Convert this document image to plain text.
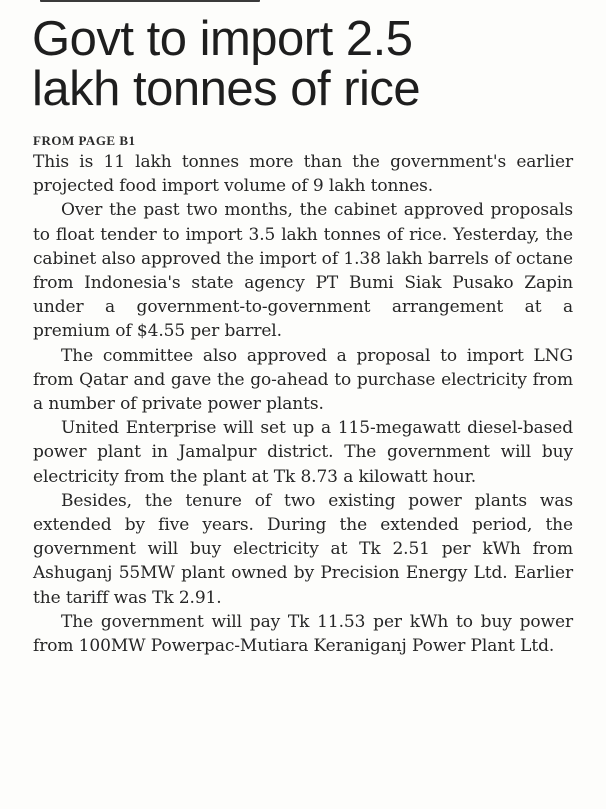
Govt to import 2.5
lakh tonnes of rice

FROM PAGE B1

This is 11 lakh tonnes more than the government's earlier projected food import volume of 9 lakh tonnes.

Over the past two months, the cabinet approved proposals to float tender to import 3.5 lakh tonnes of rice. Yesterday, the cabinet also approved the import of 1.38 lakh barrels of octane from Indonesia's state agency PT Bumi Siak Pusako Zapin under a government-to-government arrangement at a premium of $4.55 per barrel.

The committee also approved a proposal to import LNG from Qatar and gave the go-ahead to purchase electricity from a number of private power plants.

United Enterprise will set up a 115-megawatt diesel-based power plant in Jamalpur district. The government will buy electricity from the plant at Tk 8.73 a kilowatt hour.

Besides, the tenure of two existing power plants was extended by five years. During the extended period, the government will buy electricity at Tk 2.51 per kWh from Ashuganj 55MW plant owned by Precision Energy Ltd. Earlier the tariff was Tk 2.91.

The government will pay Tk 11.53 per kWh to buy power from 100MW Powerpac-Mutiara Keraniganj Power Plant Ltd.
